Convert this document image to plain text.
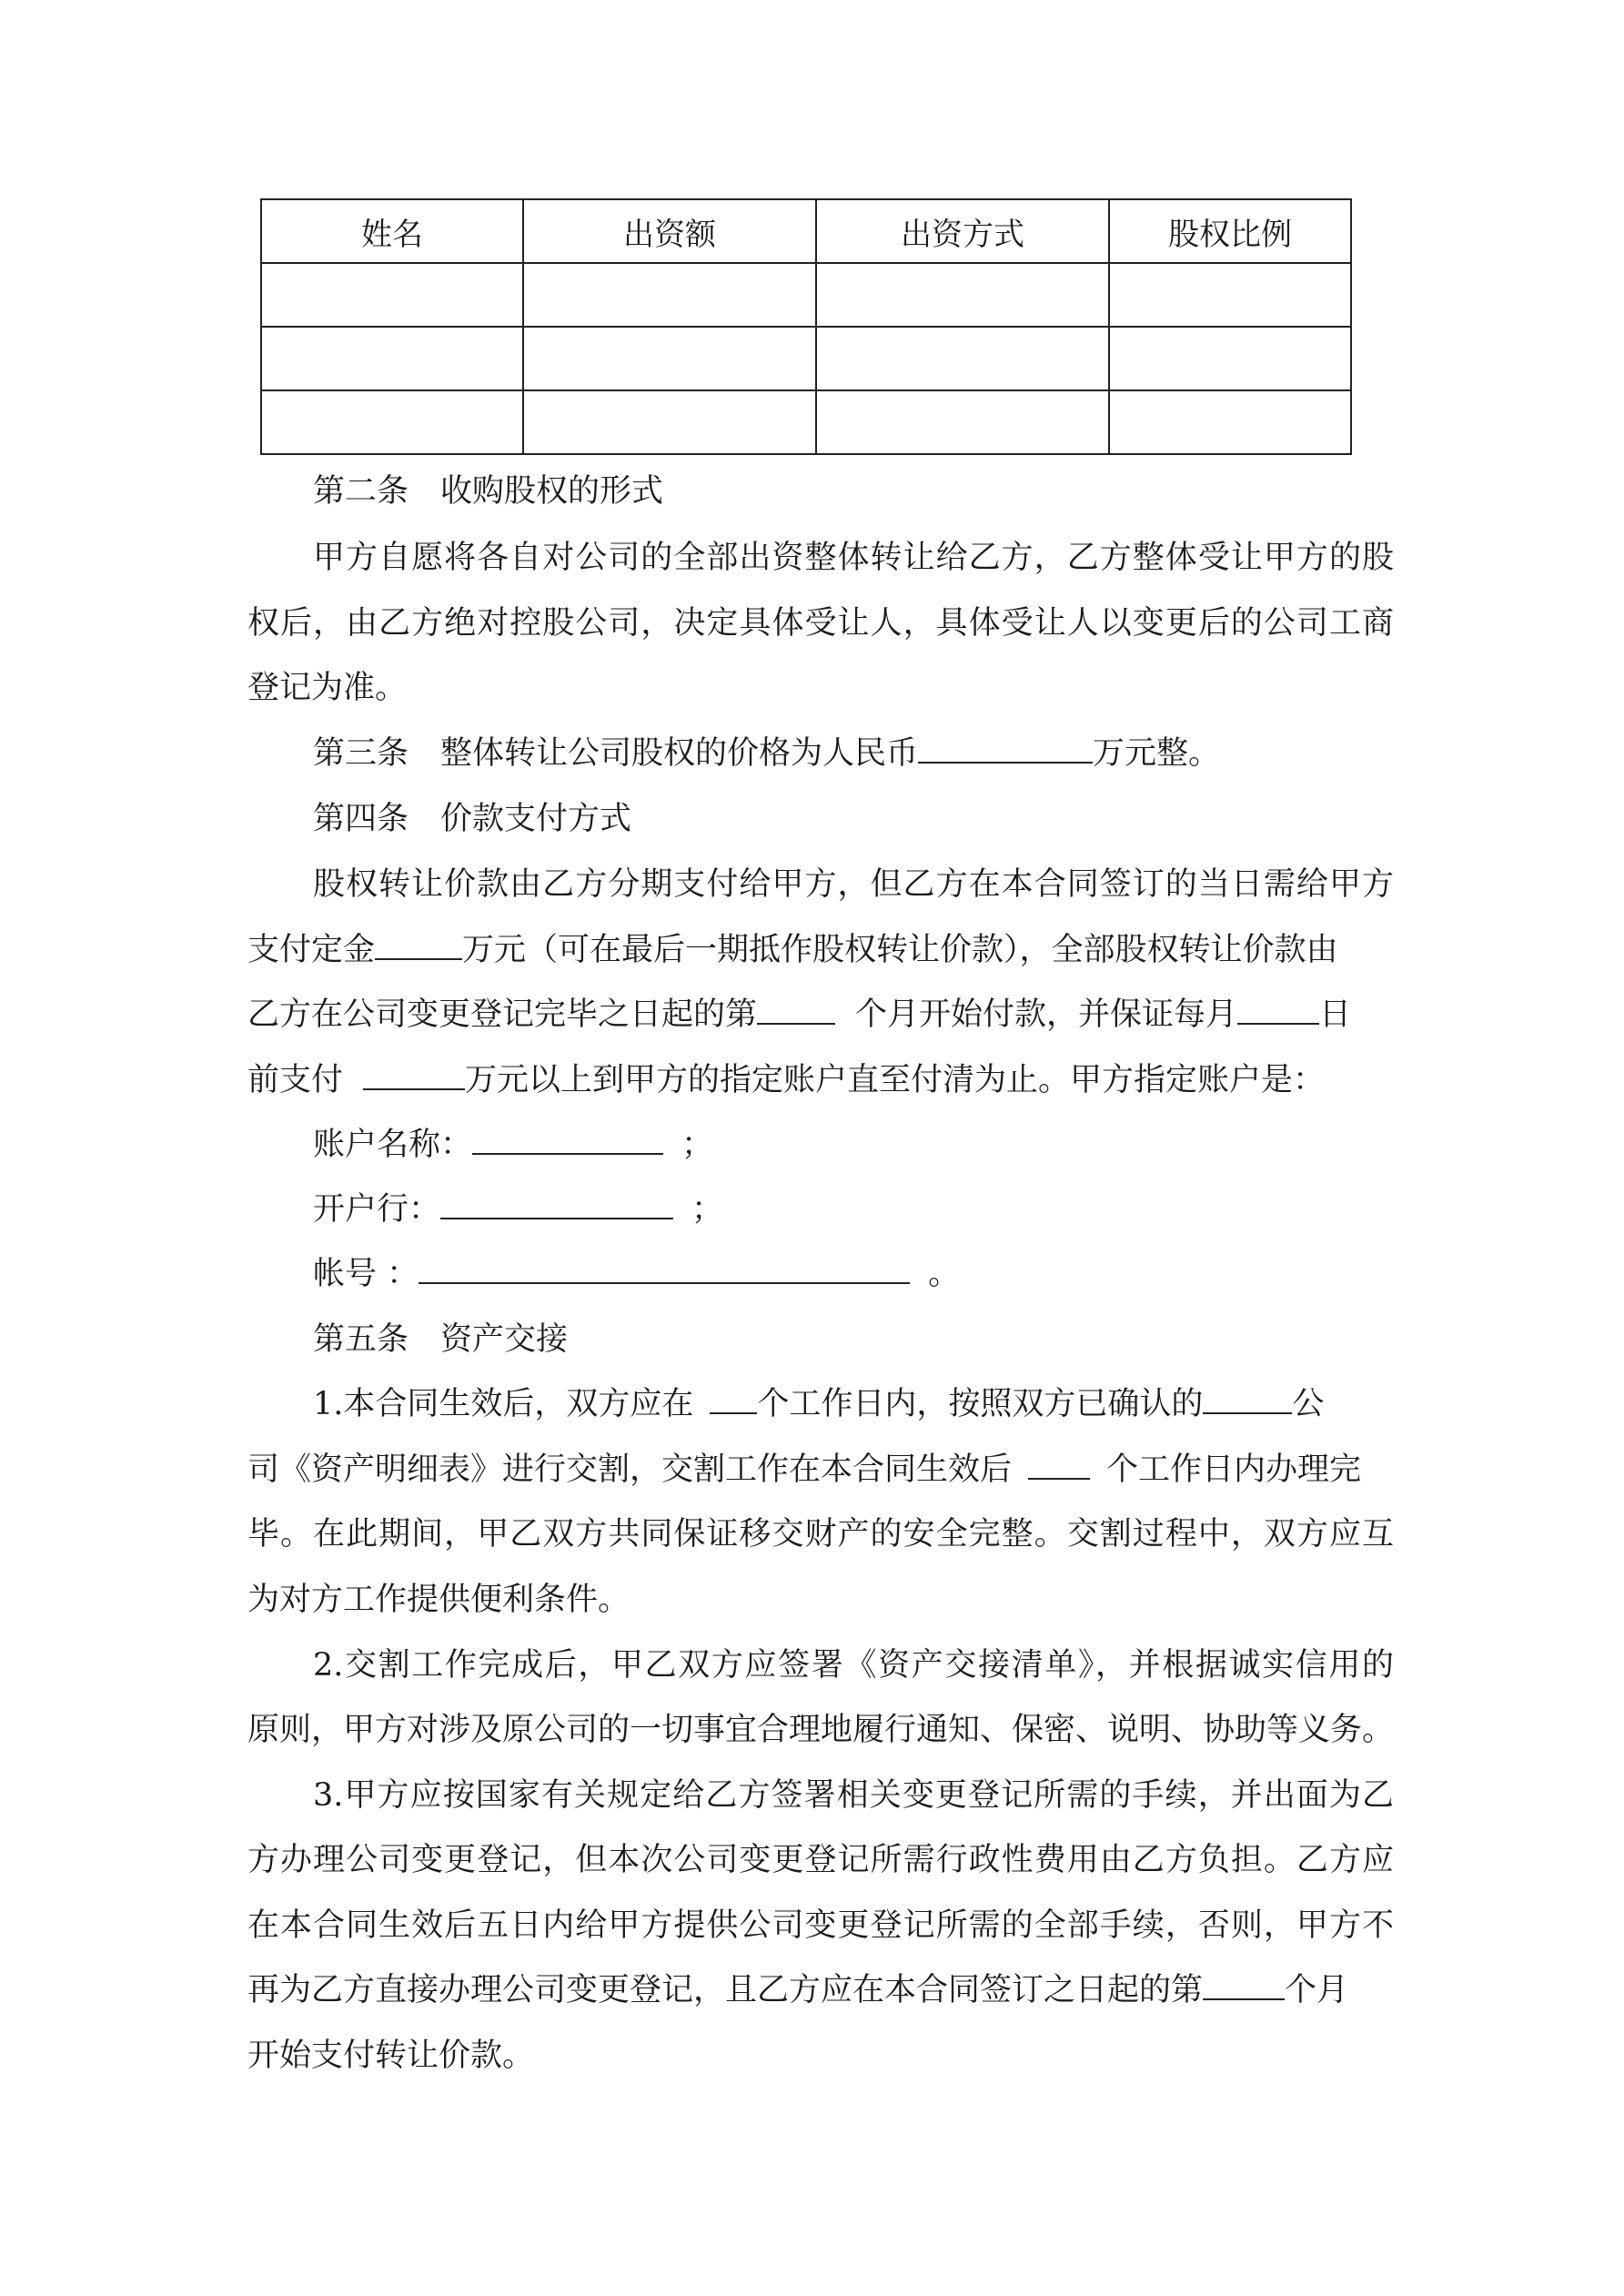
姓名	出资额	出资方式	股权比例

第二条　收购股权的形式
甲方自愿将各自对公司的全部出资整体转让给乙方，乙方整体受让甲方的股
权后，由乙方绝对控股公司，决定具体受让人，具体受让人以变更后的公司工商
登记为准。
第三条　整体转让公司股权的价格为人民币	万元整。
第四条　价款支付方式
股权转让价款由乙方分期支付给甲方，但乙方在本合同签订的当日需给甲方
支付定金	万元（可在最后一期抵作股权转让价款），全部股权转让价款由
乙方在公司变更登记完毕之日起的第	个月开始付款，并保证每月	日
前支付	万元以上到甲方的指定账户直至付清为止。甲方指定账户是：
账户名称：	；
开户行：	；
帐号 ：	。
第五条　资产交接
1.本合同生效后，双方应在 个工作日内，按照双方已确认的	公
司《资产明细表》进行交割，交割工作在本合同生效后	个工作日内办理完
毕。在此期间，甲乙双方共同保证移交财产的安全完整。交割过程中，双方应互
为对方工作提供便利条件。
2.交割工作完成后，甲乙双方应签署《资产交接清单》，并根据诚实信用的
原则，甲方对涉及原公司的一切事宜合理地履行通知、保密、说明、协助等义务。
3.甲方应按国家有关规定给乙方签署相关变更登记所需的手续，并出面为乙
方办理公司变更登记，但本次公司变更登记所需行政性费用由乙方负担。乙方应
在本合同生效后五日内给甲方提供公司变更登记所需的全部手续，否则，甲方不
再为乙方直接办理公司变更登记，且乙方应在本合同签订之日起的第	个月
开始支付转让价款。
